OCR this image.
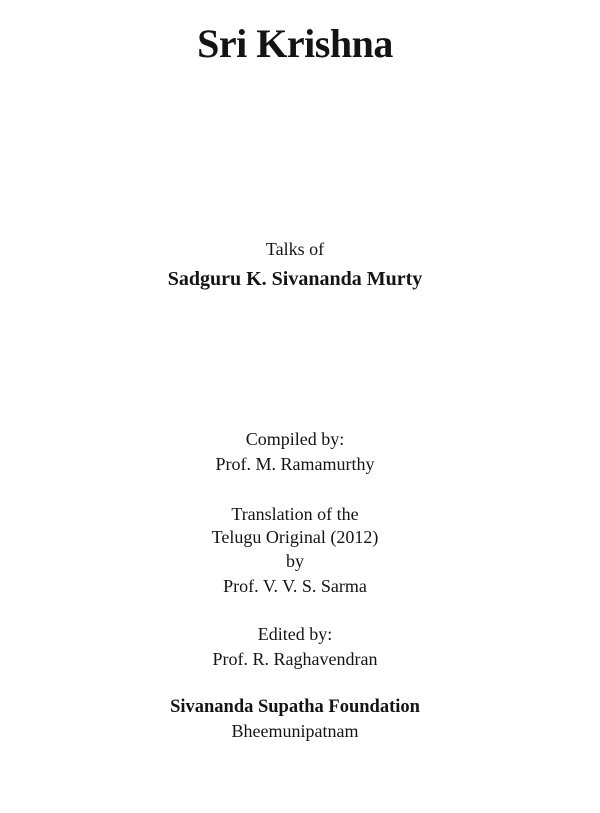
Sri Krishna
Talks of
Sadguru K. Sivananda Murty
Compiled by:
Prof. M. Ramamurthy
Translation of the
Telugu Original (2012)
by
Prof. V. V. S. Sarma
Edited by:
Prof. R. Raghavendran
Sivananda Supatha Foundation
Bheemunipatnam
